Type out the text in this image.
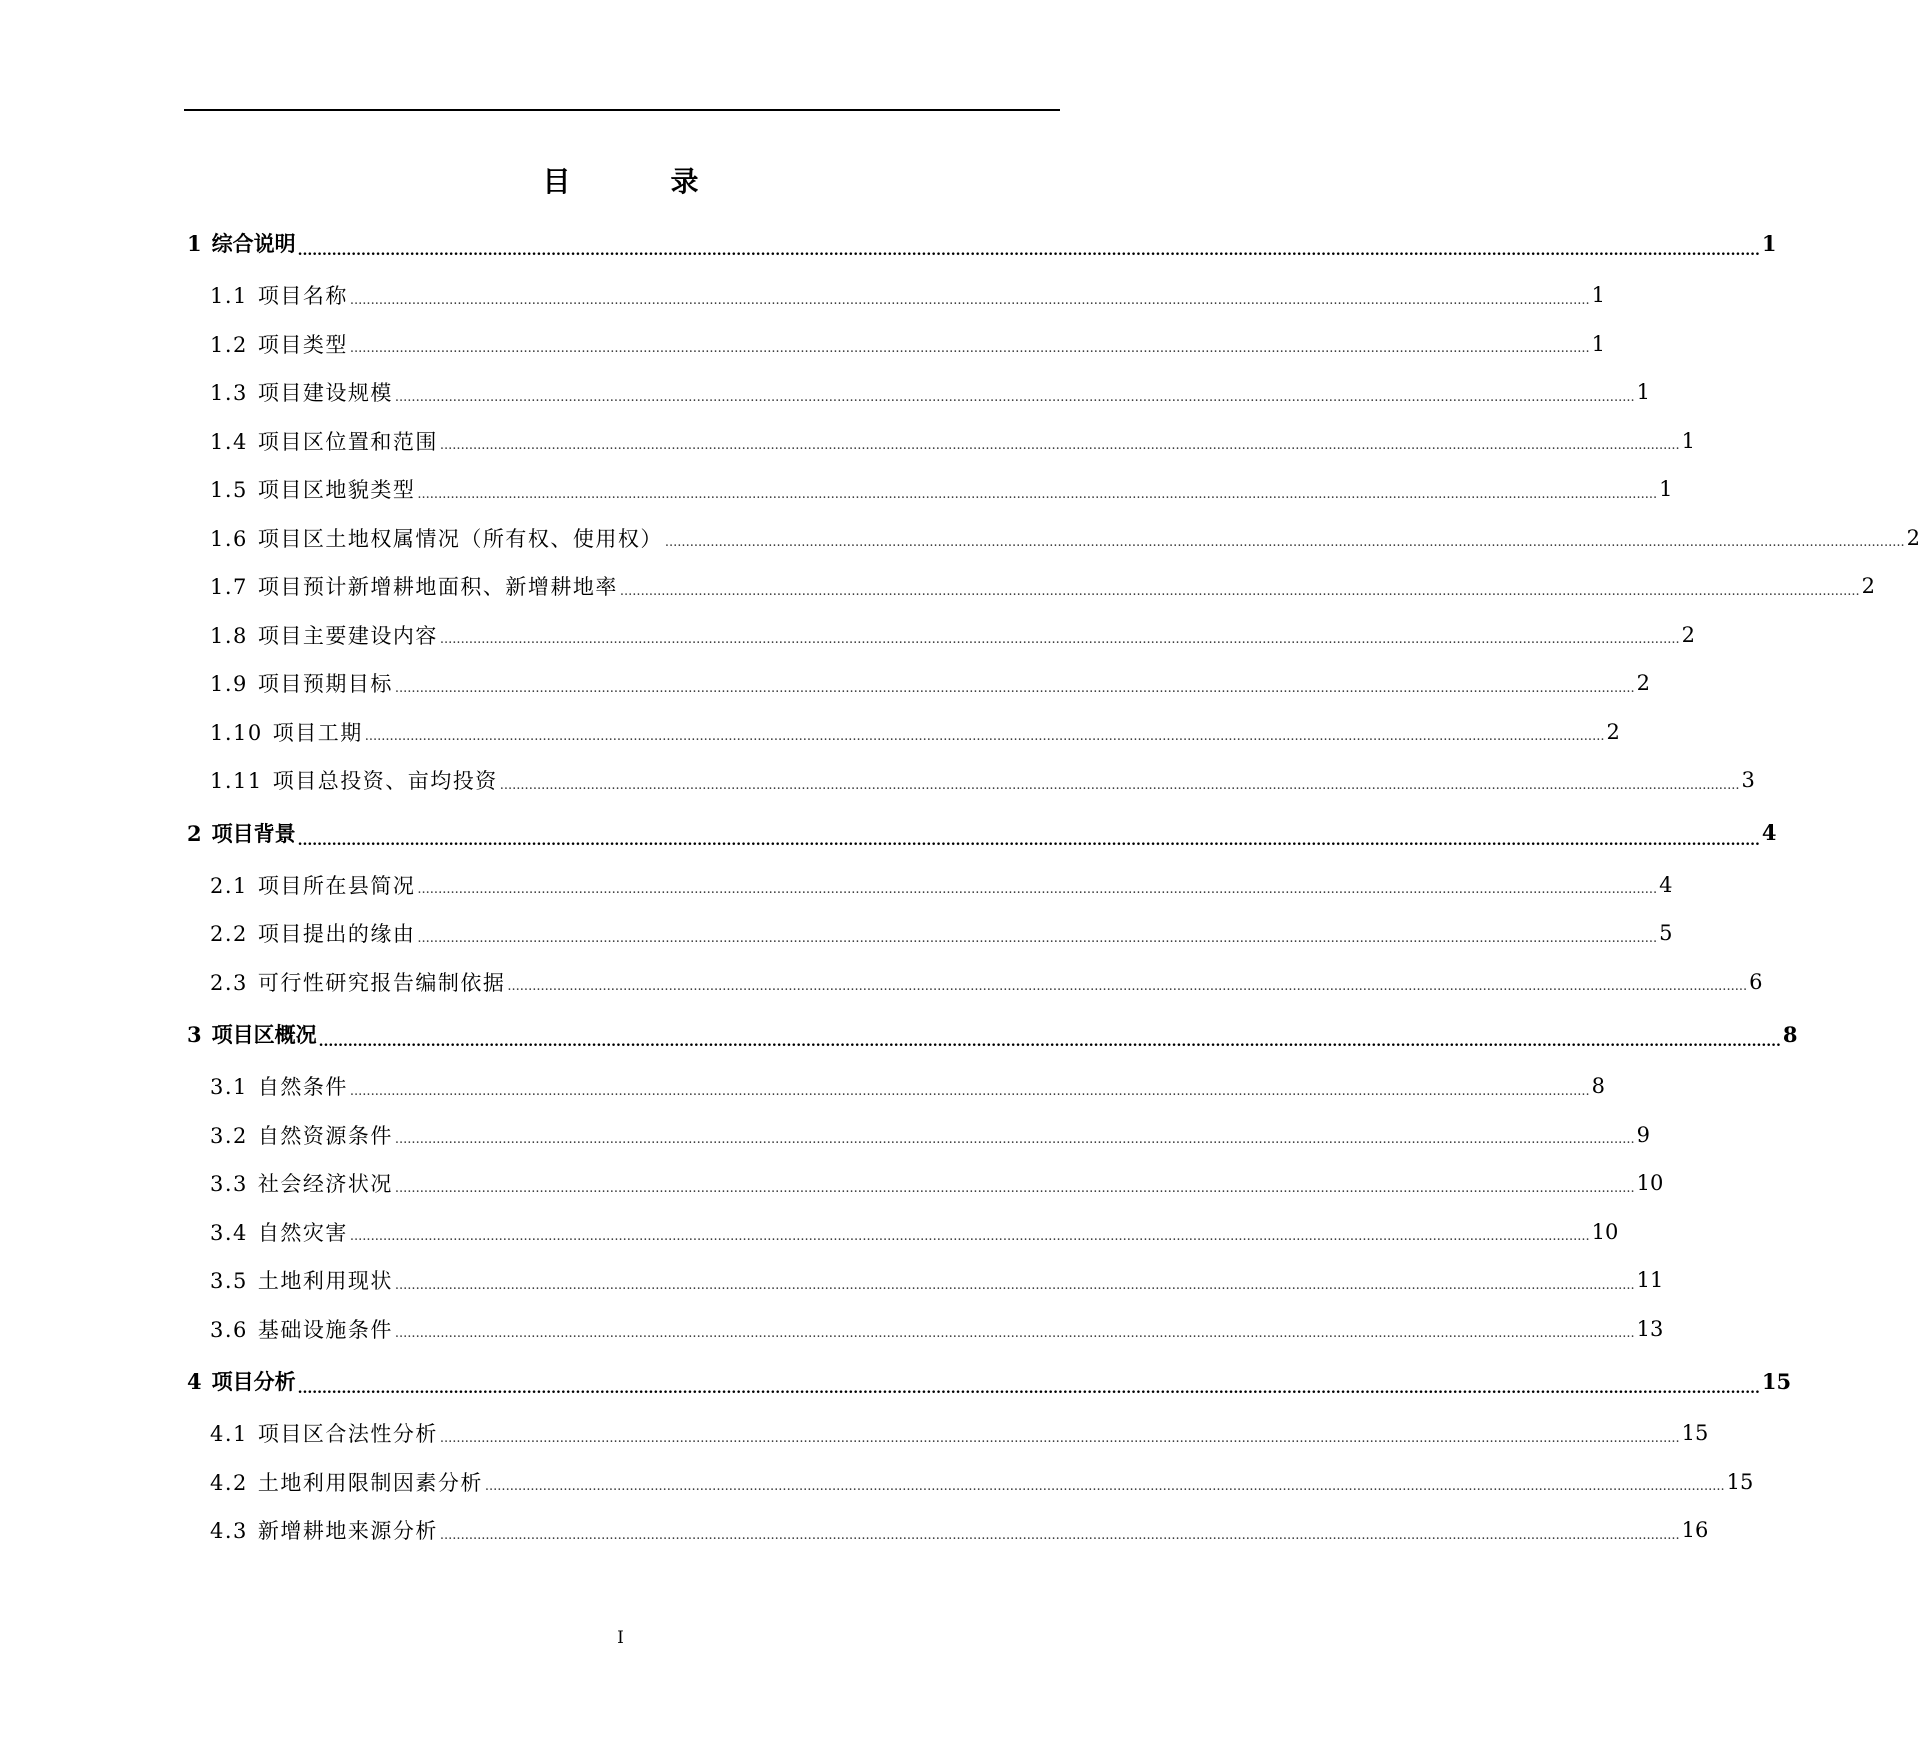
目　录
1 综合说明 ............................................................................................................................................................................................................................................................................................................ 1
1.1 项目名称 ............................................................................................................................................................................................................................................................................................................ 1
1.2 项目类型 ............................................................................................................................................................................................................................................................................................................ 1
1.3 项目建设规模 ............................................................................................................................................................................................................................................................................................................ 1
1.4 项目区位置和范围 ............................................................................................................................................................................................................................................................................................................ 1
1.5 项目区地貌类型 ............................................................................................................................................................................................................................................................................................................ 1
1.6 项目区土地权属情况（所有权、使用权） ............................................................................................................................................................................................................................................................................................................ 2
1.7 项目预计新增耕地面积、新增耕地率 ............................................................................................................................................................................................................................................................................................................ 2
1.8 项目主要建设内容 ............................................................................................................................................................................................................................................................................................................ 2
1.9 项目预期目标 ............................................................................................................................................................................................................................................................................................................ 2
1.10 项目工期 ............................................................................................................................................................................................................................................................................................................ 2
1.11 项目总投资、亩均投资 ............................................................................................................................................................................................................................................................................................................ 3
2 项目背景 ............................................................................................................................................................................................................................................................................................................ 4
2.1 项目所在县简况 ............................................................................................................................................................................................................................................................................................................ 4
2.2 项目提出的缘由 ............................................................................................................................................................................................................................................................................................................ 5
2.3 可行性研究报告编制依据 ............................................................................................................................................................................................................................................................................................................ 6
3 项目区概况 ............................................................................................................................................................................................................................................................................................................ 8
3.1 自然条件 ............................................................................................................................................................................................................................................................................................................ 8
3.2 自然资源条件 ............................................................................................................................................................................................................................................................................................................ 9
3.3 社会经济状况 ............................................................................................................................................................................................................................................................................................................ 10
3.4 自然灾害 ............................................................................................................................................................................................................................................................................................................ 10
3.5 土地利用现状 ............................................................................................................................................................................................................................................................................................................ 11
3.6 基础设施条件 ............................................................................................................................................................................................................................................................................................................ 13
4 项目分析 ............................................................................................................................................................................................................................................................................................................ 15
4.1 项目区合法性分析 ............................................................................................................................................................................................................................................................................................................ 15
4.2 土地利用限制因素分析 ............................................................................................................................................................................................................................................................................................................ 15
4.3 新增耕地来源分析 ............................................................................................................................................................................................................................................................................................................ 16
I
